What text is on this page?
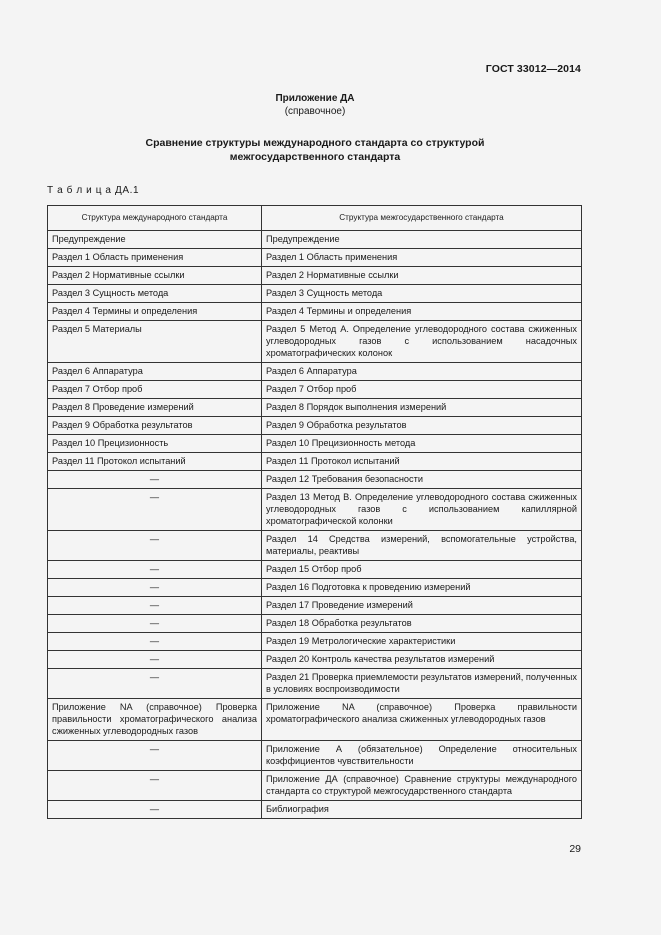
ГОСТ 33012—2014
Приложение ДА
(справочное)
Сравнение структуры международного стандарта со структурой
межгосударственного стандарта
Т а б л и ц а ДА.1
Структура международного стандарта	Структура межгосударственного стандарта
Предупреждение	Предупреждение
Раздел 1 Область применения	Раздел 1 Область применения
Раздел 2 Нормативные ссылки	Раздел 2 Нормативные ссылки
Раздел 3 Сущность метода	Раздел 3 Сущность метода
Раздел 4 Термины и определения	Раздел 4 Термины и определения
Раздел 5 Материалы	Раздел 5 Метод А. Определение углеводородного состава сжиженных углеводородных газов с использованием насадочных хроматографических колонок
Раздел 6 Аппаратура	Раздел 6 Аппаратура
Раздел 7 Отбор проб	Раздел 7 Отбор проб
Раздел 8 Проведение измерений	Раздел 8 Порядок выполнения измерений
Раздел 9 Обработка результатов	Раздел 9 Обработка результатов
Раздел 10 Прецизионность	Раздел 10 Прецизионность метода
Раздел 11 Протокол испытаний	Раздел 11 Протокол испытаний
—	Раздел 12 Требования безопасности
—	Раздел 13 Метод В. Определение углеводородного состава сжиженных углеводородных газов с использованием капиллярной хроматографической колонки
—	Раздел 14 Средства измерений, вспомогательные устройства, материалы, реактивы
—	Раздел 15 Отбор проб
—	Раздел 16 Подготовка к проведению измерений
—	Раздел 17 Проведение измерений
—	Раздел 18 Обработка результатов
—	Раздел 19 Метрологические характеристики
—	Раздел 20 Контроль качества результатов измерений
—	Раздел 21 Проверка приемлемости результатов измерений, полученных в условиях воспроизводимости
Приложение NA (справочное) Проверка правильности хроматографического анализа сжиженных углеводородных газов	Приложение NA (справочное) Проверка правильности хроматографического анализа сжиженных углеводородных газов
—	Приложение А (обязательное) Определение относительных коэффициентов чувствительности
—	Приложение ДА (справочное) Сравнение структуры международного стандарта со структурой межгосударственного стандарта
—	Библиография
29
